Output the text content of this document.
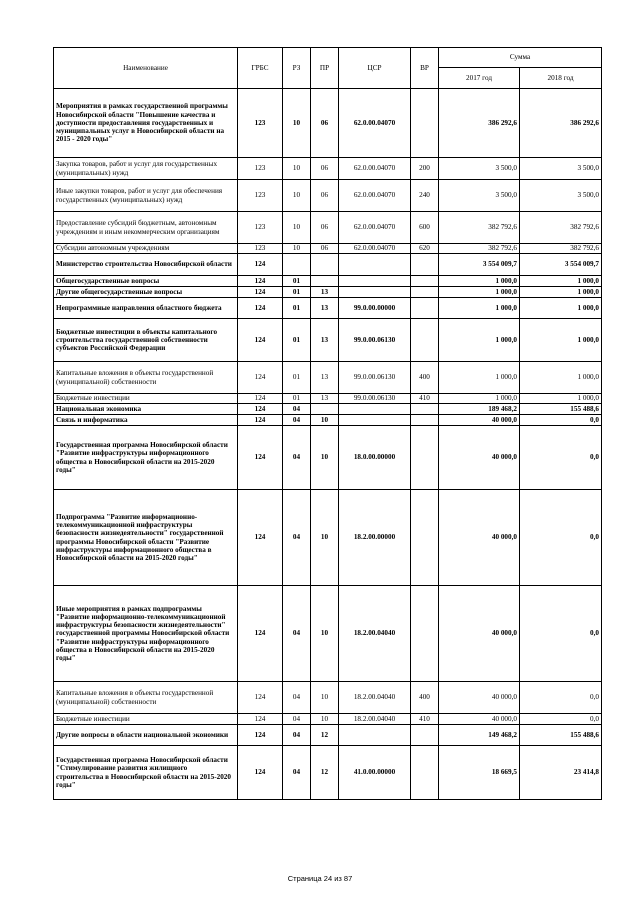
Наименование	ГРБС	РЗ	ПР	ЦСР	ВР	Сумма	
						2017 год	2018 год
Мероприятия в рамках государственной программы Новосибирской области "Повышение качества и доступности предоставления государственных и муниципальных услуг в Новосибирской области на 2015 - 2020 годы"	123	10	06	62.0.00.04070		386 292,6	386 292,6
Закупка товаров, работ и услуг для государственных (муниципальных) нужд	123	10	06	62.0.00.04070	200	3 500,0	3 500,0
Иные закупки товаров, работ и услуг для обеспечения государственных (муниципальных) нужд	123	10	06	62.0.00.04070	240	3 500,0	3 500,0
Предоставление субсидий бюджетным, автономным учреждениям и иным некоммерческим организациям	123	10	06	62.0.00.04070	600	382 792,6	382 792,6
Субсидии автономным учреждениям	123	10	06	62.0.00.04070	620	382 792,6	382 792,6
Министерство строительства Новосибирской области	124					3 554 009,7	3 554 009,7
Общегосударственные вопросы	124	01				1 000,0	1 000,0
Другие общегосударственные вопросы	124	01	13			1 000,0	1 000,0
Непрограммные направления областного бюджета	124	01	13	99.0.00.00000		1 000,0	1 000,0
Бюджетные инвестиции в объекты капитального строительства государственной собственности субъектов Российской Федерации	124	01	13	99.0.00.06130		1 000,0	1 000,0
Капитальные вложения в объекты государственной (муниципальной) собственности	124	01	13	99.0.00.06130	400	1 000,0	1 000,0
Бюджетные инвестиции	124	01	13	99.0.00.06130	410	1 000,0	1 000,0
Национальная экономика	124	04				189 468,2	155 488,6
Связь и информатика	124	04	10			40 000,0	0,0
Государственная программа Новосибирской области "Развитие инфраструктуры информационного общества в Новосибирской области на 2015-2020 годы"	124	04	10	18.0.00.00000		40 000,0	0,0
Подпрограмма "Развитие информационно-телекоммуникационной инфраструктуры безопасности жизнедеятельности" государственной программы Новосибирской области "Развитие инфраструктуры информационного общества в Новосибирской области на 2015-2020 годы"	124	04	10	18.2.00.00000		40 000,0	0,0
Иные мероприятия в рамках подпрограммы "Развитие информационно-телекоммуникационной инфраструктуры безопасности жизнедеятельности" государственной программы Новосибирской области "Развитие инфраструктуры информационного общества в Новосибирской области на 2015-2020 годы"	124	04	10	18.2.00.04040		40 000,0	0,0
Капитальные вложения в объекты государственной (муниципальной) собственности	124	04	10	18.2.00.04040	400	40 000,0	0,0
Бюджетные инвестиции	124	04	10	18.2.00.04040	410	40 000,0	0,0
Другие вопросы в области национальной экономики	124	04	12			149 468,2	155 488,6
Государственная программа Новосибирской области "Стимулирование развития жилищного строительства в Новосибирской области на 2015-2020 годы"	124	04	12	41.0.00.00000		18 669,5	23 414,8
Страница 24 из 87
